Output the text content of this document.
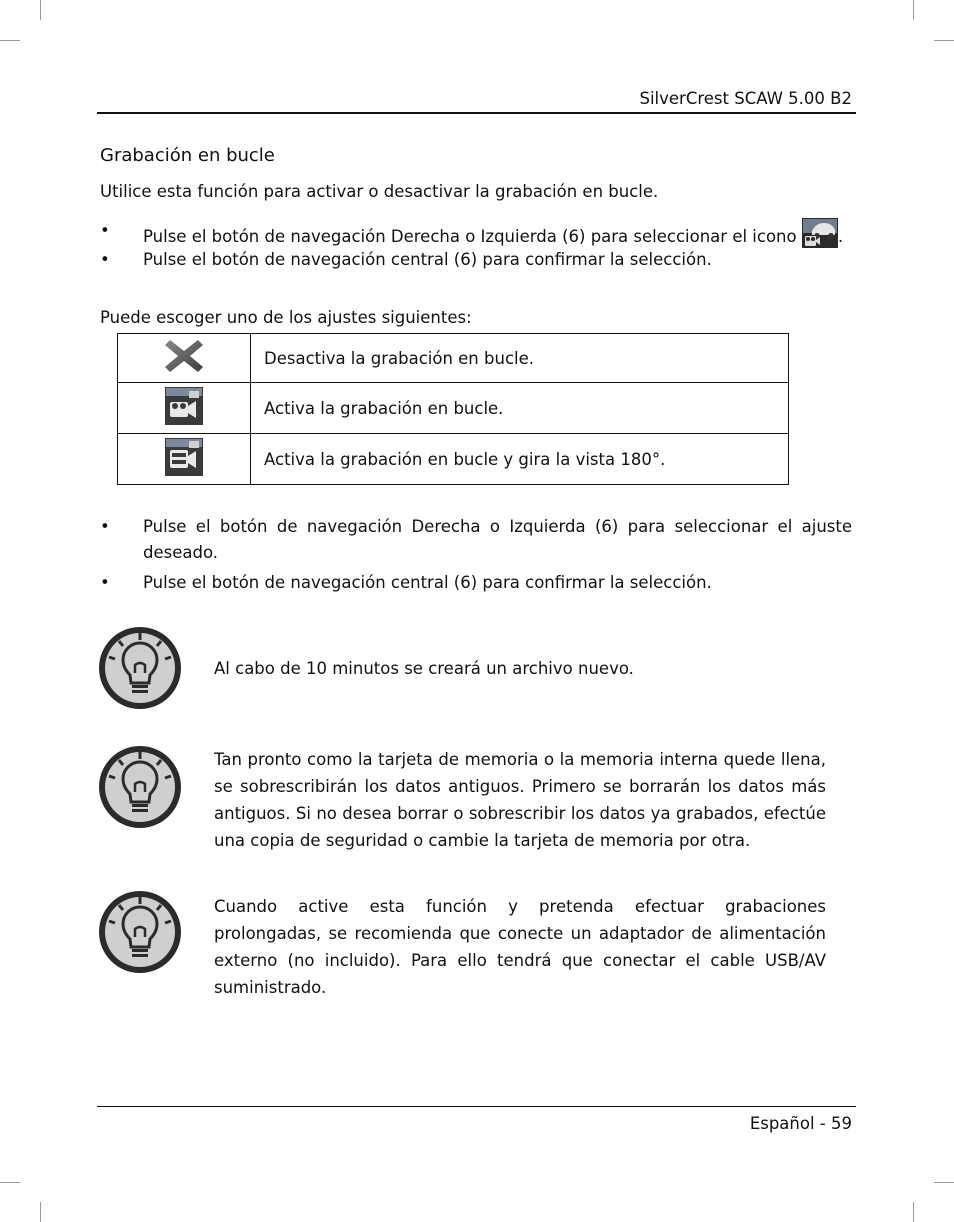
SilverCrest SCAW 5.00 B2
Grabación en bucle
Utilice esta función para activar o desactivar la grabación en bucle.
• Pulse el botón de navegación Derecha o Izquierda (6) para seleccionar el icono	.
• Pulse el botón de navegación central (6) para confirmar la selección.
Puede escoger uno de los ajustes siguientes:
	Desactiva la grabación en bucle.
	Activa la grabación en bucle.
	Activa la grabación en bucle y gira la vista 180°.
• Pulse el botón de navegación Derecha o Izquierda (6) para seleccionar el ajuste deseado.
• Pulse el botón de navegación central (6) para confirmar la selección.
Al cabo de 10 minutos se creará un archivo nuevo.
Tan pronto como la tarjeta de memoria o la memoria interna quede llena, se sobrescribirán los datos antiguos. Primero se borrarán los datos más antiguos. Si no desea borrar o sobrescribir los datos ya grabados, efectúe una copia de seguridad o cambie la tarjeta de memoria por otra.
Cuando active esta función y pretenda efectuar grabaciones prolongadas, se recomienda que conecte un adaptador de alimentación externo (no incluido). Para ello tendrá que conectar el cable USB/AV suministrado.
Español - 59
